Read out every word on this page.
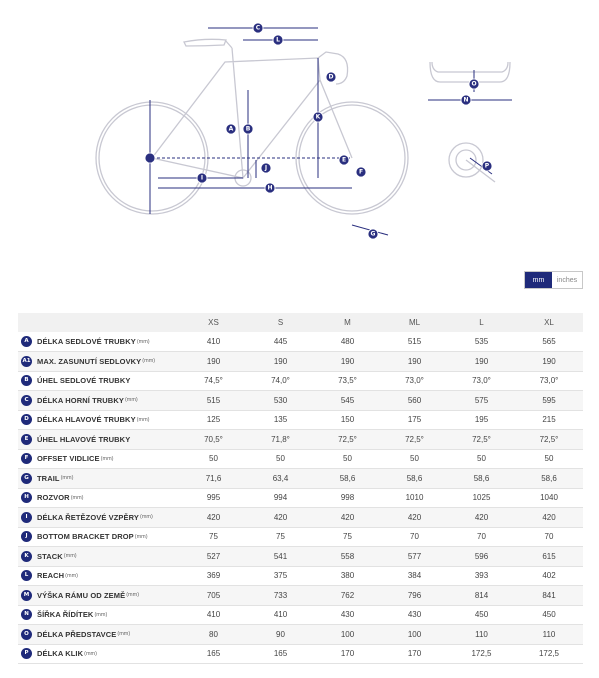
C
L
D
O
A B
K
E
F
I
J
H
G
N
P
mm	inches
	XS	S	M	ML	L	XL
A DÉLKA SEDLOVÉ TRUBKY(mm)	410	445	480	515	535	565
A1 MAX. ZASUNUTÍ SEDLOVKY(mm)	190	190	190	190	190	190
B ÚHEL SEDLOVÉ TRUBKY	74,5°	74,0°	73,5°	73,0°	73,0°	73,0°
C DÉLKA HORNÍ TRUBKY(mm)	515	530	545	560	575	595
D DÉLKA HLAVOVÉ TRUBKY(mm)	125	135	150	175	195	215
E ÚHEL HLAVOVÉ TRUBKY	70,5°	71,8°	72,5°	72,5°	72,5°	72,5°
F OFFSET VIDLICE(mm)	50	50	50	50	50	50
G TRAIL(mm)	71,6	63,4	58,6	58,6	58,6	58,6
H ROZVOR(mm)	995	994	998	1010	1025	1040
I DÉLKA ŘETĚZOVÉ VZPĚRY(mm)	420	420	420	420	420	420
J BOTTOM BRACKET DROP(mm)	75	75	75	70	70	70
K STACK(mm)	527	541	558	577	596	615
L REACH(mm)	369	375	380	384	393	402
M VÝŠKA RÁMU OD ZEMĚ(mm)	705	733	762	796	814	841
N ŠÍŘKA ŘÍDÍTEK(mm)	410	410	430	430	450	450
O DÉLKA PŘEDSTAVCE(mm)	80	90	100	100	110	110
P DÉLKA KLIK(mm)	165	165	170	170	172,5	172,5
